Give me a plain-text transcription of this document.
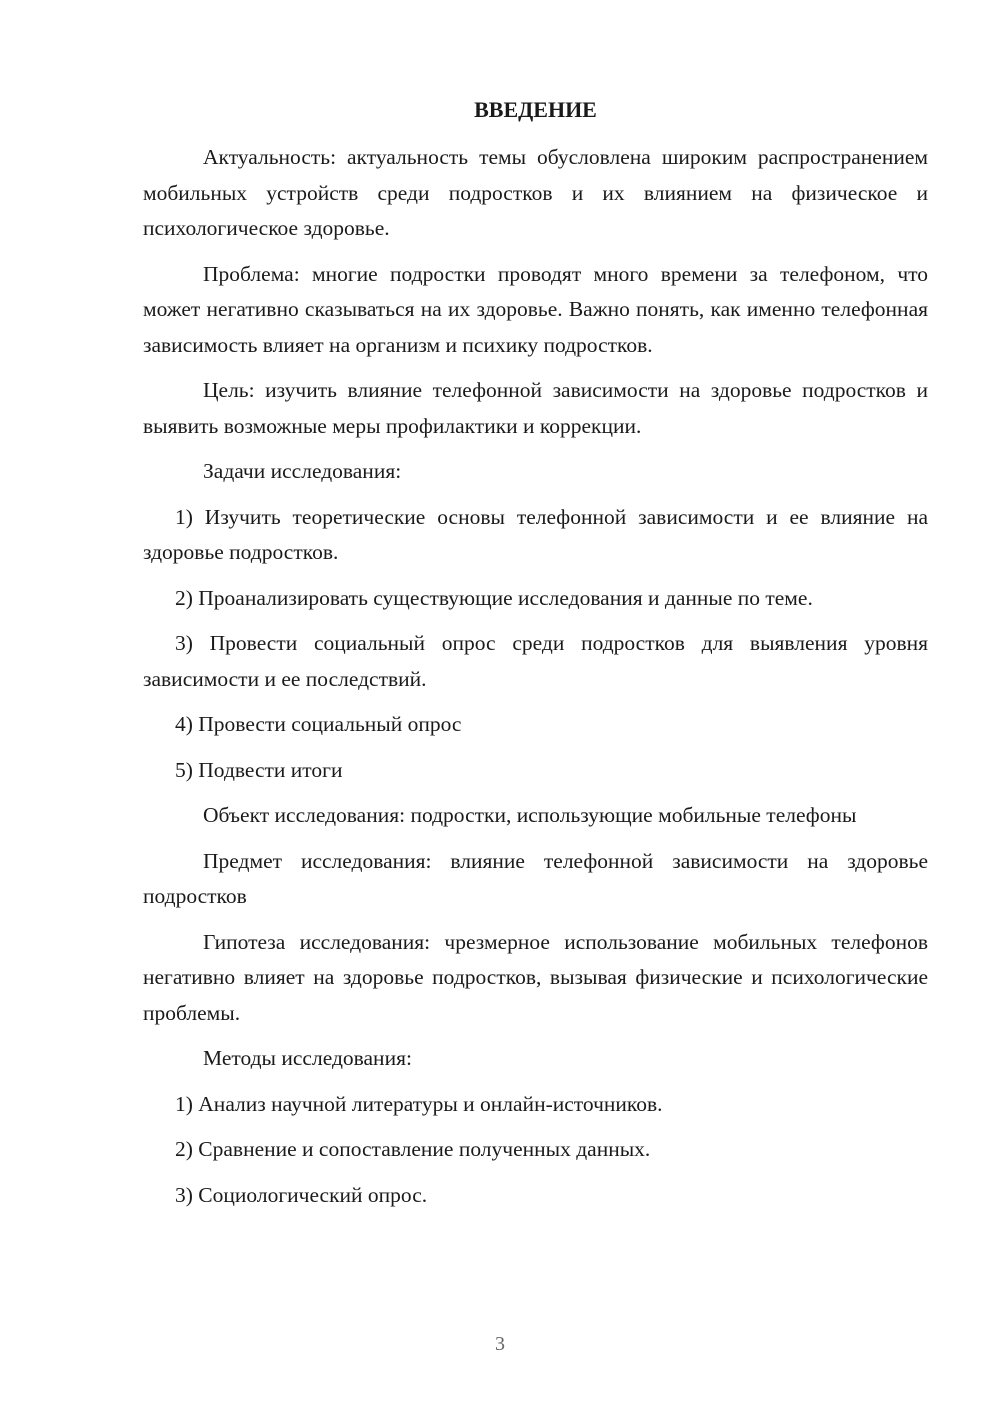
ВВЕДЕНИЕ

Актуальность: актуальность темы обусловлена широким распространением мобильных устройств среди подростков и их влиянием на физическое и психологическое здоровье.

Проблема: многие подростки проводят много времени за телефоном, что может негативно сказываться на их здоровье. Важно понять, как именно телефонная зависимость влияет на организм и психику подростков.

Цель: изучить влияние телефонной зависимости на здоровье подростков и выявить возможные меры профилактики и коррекции.

Задачи исследования:

1) Изучить теоретические основы телефонной зависимости и ее влияние на здоровье подростков.

2) Проанализировать существующие исследования и данные по теме.

3) Провести социальный опрос среди подростков для выявления уровня зависимости и ее последствий.

4) Провести социальный опрос

5) Подвести итоги

Объект исследования: подростки, использующие мобильные телефоны

Предмет исследования: влияние телефонной зависимости на здоровье подростков

Гипотеза исследования: чрезмерное использование мобильных телефонов негативно влияет на здоровье подростков, вызывая физические и психологические проблемы.

Методы исследования:

1) Анализ научной литературы и онлайн-источников.

2) Сравнение и сопоставление полученных данных.

3) Социологический опрос.

3
